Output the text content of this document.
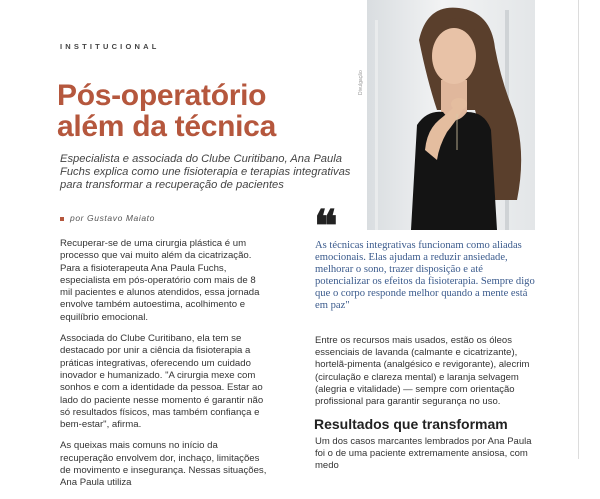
INSTITUCIONAL
Pós-operatório
além da técnica
Especialista e associada do Clube Curitibano, Ana Paula Fuchs explica como une fisioterapia e terapias integrativas para transformar a recuperação de pacientes
por Gustavo Maiato

Recuperar-se de uma cirurgia plástica é um processo que vai muito além da cicatrização. Para a fisioterapeuta Ana Paula Fuchs, especialista em pós-operatório com mais de 8 mil pacientes e alunos atendidos, essa jornada envolve também autoestima, acolhimento e equilíbrio emocional.

Associada do Clube Curitibano, ela tem se destacado por unir a ciência da fisioterapia a práticas integrativas, oferecendo um cuidado inovador e humanizado. "A cirurgia mexe com sonhos e com a identidade da pessoa. Estar ao lado do paciente nesse momento é garantir não só resultados físicos, mas também confiança e bem-estar", afirma.

As queixas mais comuns no início da recuperação envolvem dor, inchaço, limitações de movimento e insegurança. Nessas situações, Ana Paula utiliza

Divulgação
❝
As técnicas integrativas funcionam como aliadas emocionais. Elas ajudam a reduzir ansiedade, melhorar o sono, trazer disposição e até potencializar os efeitos da fisioterapia. Sempre digo que o corpo responde melhor quando a mente está em paz"

Entre os recursos mais usados, estão os óleos essenciais de lavanda (calmante e cicatrizante), hortelã-pimenta (analgésico e revigorante), alecrim (circulação e clareza mental) e laranja selvagem (alegria e vitalidade) — sempre com orientação profissional para garantir segurança no uso.

Resultados que transformam
Um dos casos marcantes lembrados por Ana Paula foi o de uma paciente extremamente ansiosa, com medo
